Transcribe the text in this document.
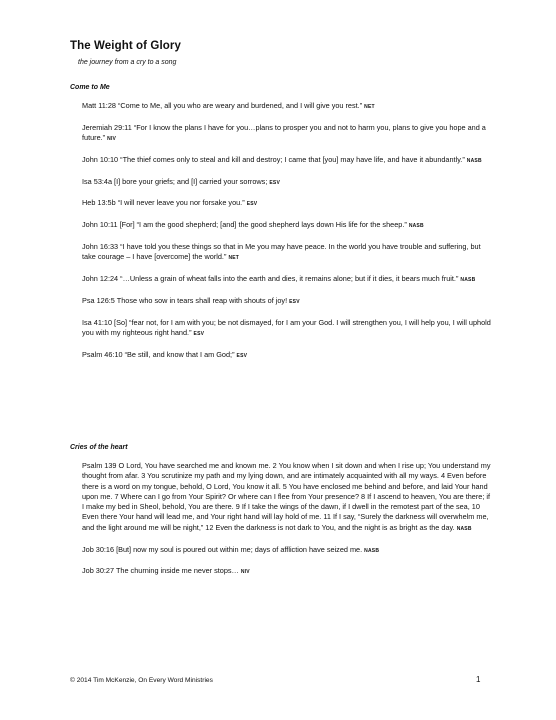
The Weight of Glory
the journey from a cry to a song
Come to Me

Matt 11:28 “Come to Me, all you who are weary and burdened, and I will give you rest.” NET

Jeremiah 29:11 “For I know the plans I have for you…plans to prosper you and not to harm you, plans to give you hope and a future.” NIV

John 10:10 “The thief comes only to steal and kill and destroy; I came that [you] may have life, and have it abundantly.” NASB

Isa 53:4a [I] bore your griefs; and [I] carried your sorrows; ESV

Heb 13:5b “I will never leave you nor forsake you.” ESV

John 10:11 [For] “I am the good shepherd; [and] the good shepherd lays down His life for the sheep.” NASB

John 16:33 “I have told you these things so that in Me you may have peace. In the world you have trouble and suffering, but take courage – I have [overcome] the world.” NET

John 12:24 “…Unless a grain of wheat falls into the earth and dies, it remains alone; but if it dies, it bears much fruit.” NASB

Psa 126:5 Those who sow in tears shall reap with shouts of joy! ESV

Isa 41:10 [So] “fear not, for I am with you; be not dismayed, for I am your God. I will strengthen you, I will help you, I will uphold you with my righteous right hand.” ESV

Psalm 46:10 “Be still, and know that I am God;” ESV

Cries of the heart

Psalm 139 O Lord, You have searched me and known me. 2 You know when I sit down and when I rise up; You understand my thought from afar. 3 You scrutinize my path and my lying down, and are intimately acquainted with all my ways. 4 Even before there is a word on my tongue, behold, O Lord, You know it all. 5 You have enclosed me behind and before, and laid Your hand upon me. 7 Where can I go from Your Spirit? Or where can I flee from Your presence? 8 If I ascend to heaven, You are there; if I make my bed in Sheol, behold, You are there. 9 If I take the wings of the dawn, if I dwell in the remotest part of the sea, 10 Even there Your hand will lead me, and Your right hand will lay hold of me. 11 If I say, “Surely the darkness will overwhelm me, and the light around me will be night,” 12 Even the darkness is not dark to You, and the night is as bright as the day. NASB

Job 30:16 [But] now my soul is poured out within me; days of affliction have seized me. NASB

Job 30:27 The churning inside me never stops… NIV

© 2014 Tim McKenzie, On Every Word Ministries	1
